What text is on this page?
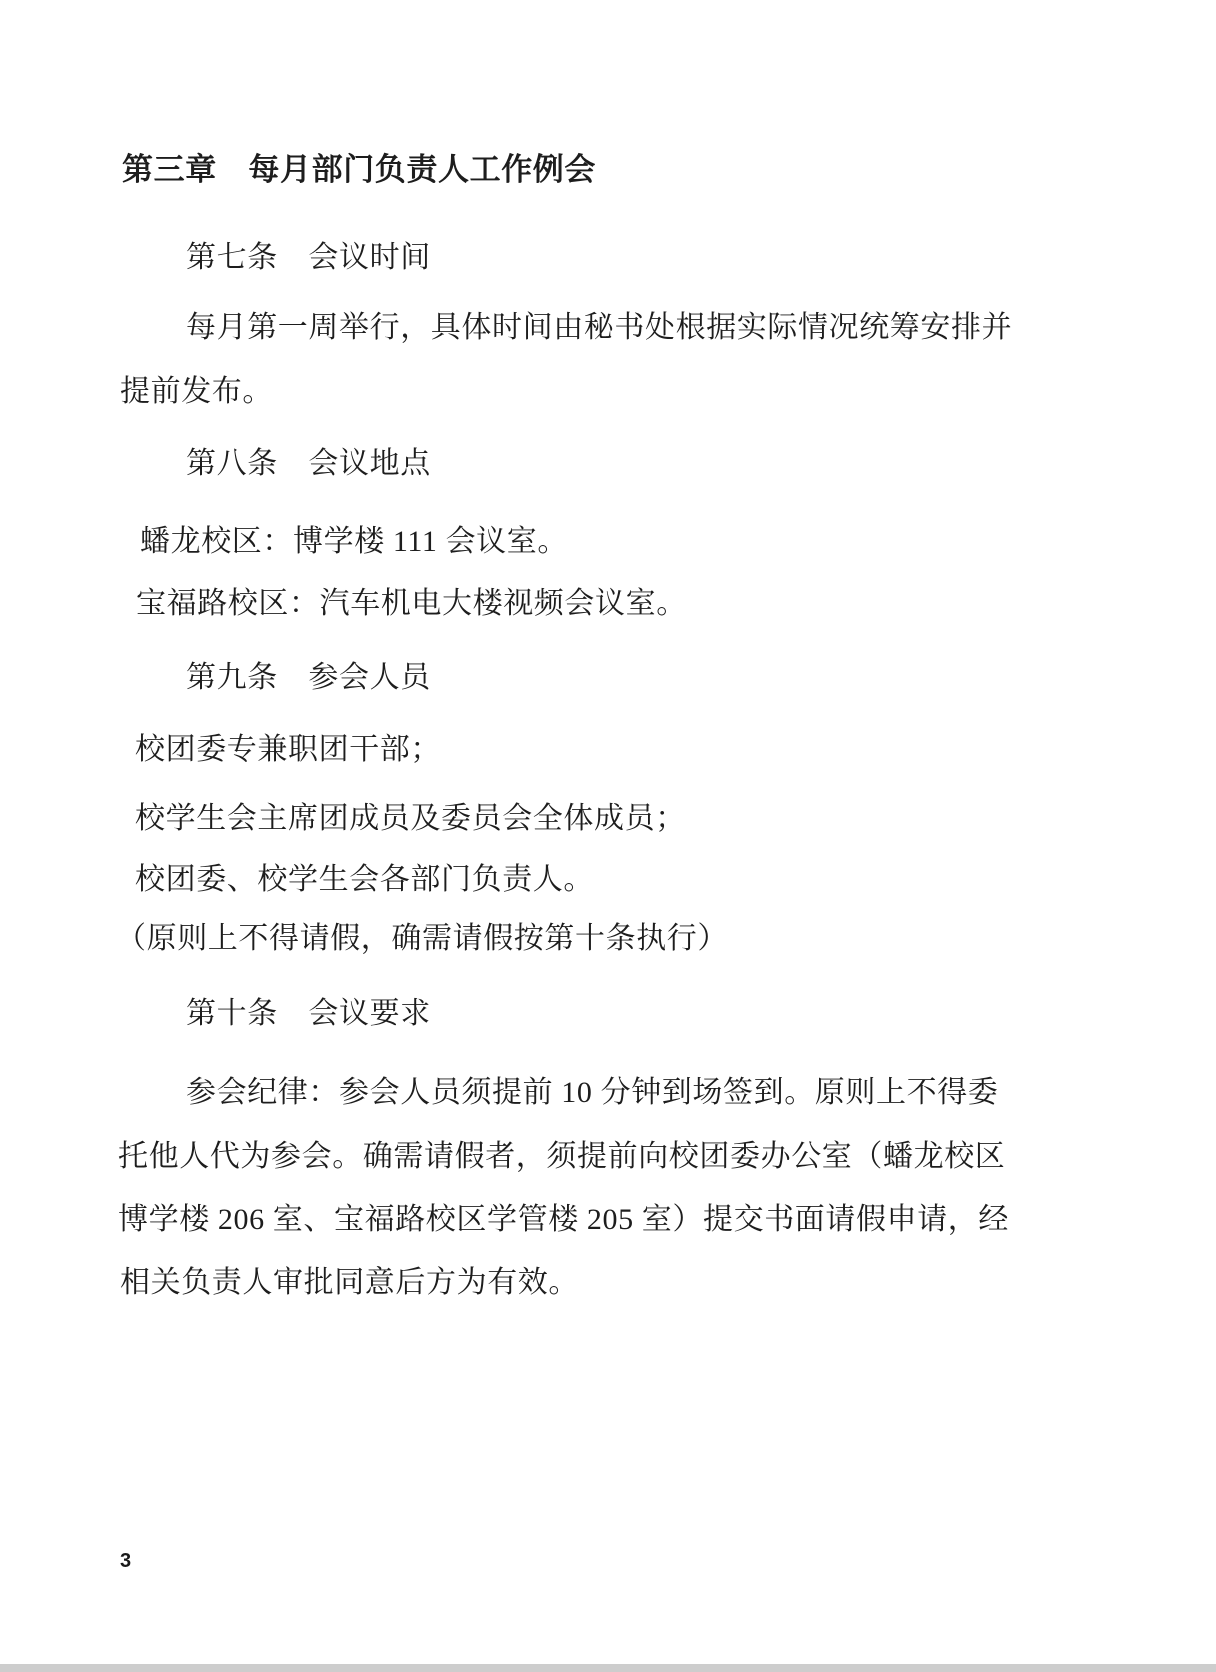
第三章　每月部门负责人工作例会
第七条　会议时间
每月第一周举行，具体时间由秘书处根据实际情况统筹安排并
提前发布。
第八条　会议地点
蟠龙校区：博学楼 111 会议室。
宝福路校区：汽车机电大楼视频会议室。
第九条　参会人员
校团委专兼职团干部；
校学生会主席团成员及委员会全体成员；
校团委、校学生会各部门负责人。
（原则上不得请假，确需请假按第十条执行）
第十条　会议要求
参会纪律：参会人员须提前 10 分钟到场签到。原则上不得委
托他人代为参会。确需请假者，须提前向校团委办公室（蟠龙校区
博学楼 206 室、宝福路校区学管楼 205 室）提交书面请假申请，经
相关负责人审批同意后方为有效。
3
